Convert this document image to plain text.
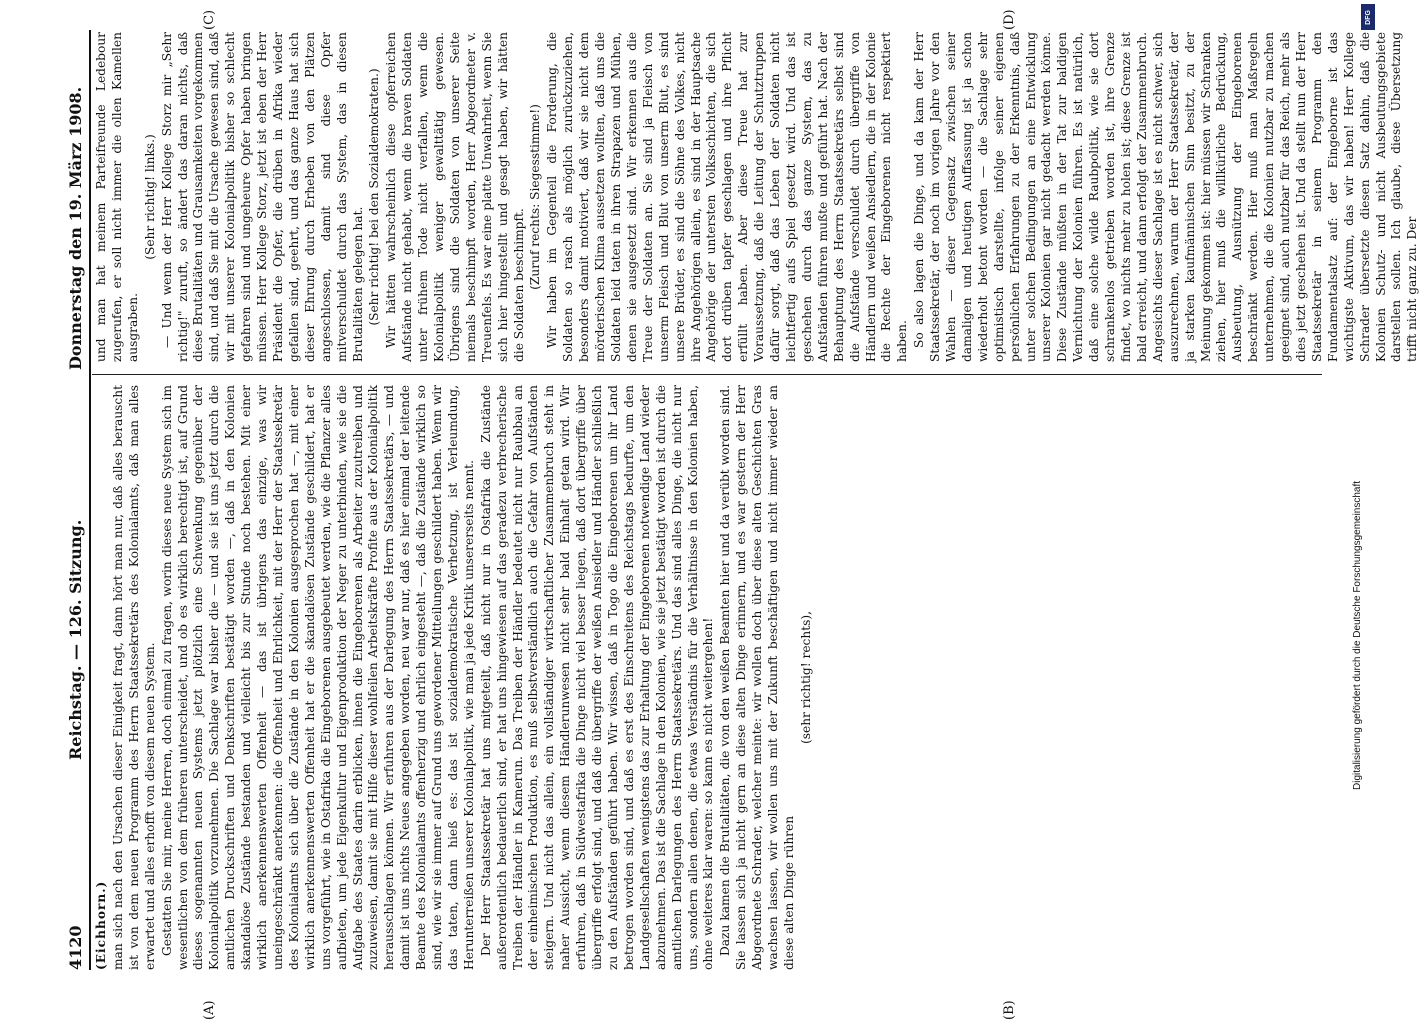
4120
Reichstag. — 126. Sitzung.
Donnerstag den 19. März 1908.

(Eichhorn.) man sich nach den Ursachen dieser Einigkeit fragt, dann hört man nur, daß alles berauscht ist von dem neuen Programm des Herrn Staatssekretärs des Kolonialamts, daß man alles erwartet und alles erhofft von diesem neuen System. Gestatten Sie mir, meine Herren, doch einmal zu fragen, worin dieses neue System sich im wesentlichen von dem früheren unterscheidet, und ob es wirklich berechtigt ist, auf Grund dieses sogenannten neuen Systems jetzt plötzlich eine Schwenkung gegenüber der Kolonialpolitik vorzunehmen. Die Sachlage war bisher die — und sie ist uns jetzt durch die amtlichen Druckschriften und Denkschriften bestätigt worden —, daß in den Kolonien skandalöse Zustände bestanden und vielleicht bis zur Stunde noch bestehen. Mit einer wirklich anerkennenswerten Offenheit — das ist übrigens das einzige, was wir uneingeschränkt anerkennen: die Offenheit und Ehrlichkeit, mit der Herr der Staatssekretär des Kolonialamts sich über die Zustände in den Kolonien ausgesprochen hat —, mit einer wirklich anerkennenswerten Offenheit hat er die skandalösen Zustände geschildert, hat er uns vorgeführt, wie in Ostafrika die Eingeborenen ausgebeutet werden, wie die Pflanzer alles aufbieten, um jede Eigenkultur und Eigenproduktion der Neger zu unterbinden, wie sie die Aufgabe des Staates darin erblicken, ihnen die Eingeborenen als Arbeiter zuzutreiben und zuzuweisen, damit sie mit Hilfe dieser wohlfeilen Arbeitskräfte Profite aus der Kolonialpolitik herausschlagen können. Wir erfuhren aus der Darlegung des Herrn Staatssekretärs, — und damit ist uns nichts Neues angegeben worden, neu war nur, daß es hier einmal der leitende Beamte des Kolonialamts offenherzig und ehrlich eingesteht —, daß die Zustände wirklich so sind, wie wir sie immer auf Grund uns gewordener Mitteilungen geschildert haben. Wenn wir das taten, dann hieß es: das ist sozialdemokratische Verhetzung, ist Verleumdung, Herunterreißen unserer Kolonialpolitik, wie man ja jede Kritik unsererseits nennt. Der Herr Staatssekretär hat uns mitgeteilt, daß nicht nur in Ostafrika die Zustände außerordentlich bedauerlich sind, er hat uns hingewiesen auf das geradezu verbrecherische Treiben der Händler in Kamerun. Das Treiben der Händler bedeutet nicht nur Raubbau an der einheimischen Produktion, es muß selbstverständlich auch die Gefahr von Aufständen steigern. Und nicht das allein, ein vollständiger wirtschaftlicher Zusammenbruch steht in naher Aussicht, wenn diesem Händlerunwesen nicht sehr bald Einhalt getan wird. Wir erfuhren, daß in Südwestafrika die Dinge nicht viel besser liegen, daß dort übergriffe über übergriffe erfolgt sind, und daß die übergriffe der weißen Ansiedler und Händler schließlich zu den Aufständen geführt haben. Wir wissen, daß in Togo die Eingeborenen um ihr Land betrogen worden sind, und daß es erst des Einschreitens des Reichstags bedurfte, um den Landgesellschaften wenigstens das zur Erhaltung der Eingeborenen notwendige Land wieder abzunehmen. Das ist die Sachlage in den Kolonien, wie sie jetzt bestätigt worden ist durch die amtlichen Darlegungen des Herrn Staatssekretärs. Und das sind alles Dinge, die nicht nur uns, sondern allen denen, die etwas Verständnis für die Verhältnisse in den Kolonien haben, ohne weiteres klar waren: so kann es nicht weitergehen! Dazu kamen die Brutalitäten, die von den weißen Beamten hier und da verübt worden sind. Sie lassen sich ja nicht gern an diese alten Dinge erinnern, und es war gestern der Herr Abgeordnete Schrader, welcher meinte: wir wollen doch über diese alten Geschichten Gras wachsen lassen, wir wollen uns mit der Zukunft beschäftigen und nicht immer wieder an diese alten Dinge rühren

(sehr richtig! rechts),

und man hat meinem Parteifreunde Ledebour zugerufen, er soll nicht immer die ollen Kamellen ausgraben.

(Sehr richtig! links.) — Und wenn der Herr Kollege Storz mir „Sehr richtig!" zuruft, so ändert das daran nichts, daß diese Brutalitäten und Grausamkeiten vorgekommen sind, und daß Sie mit die Ursache gewesen sind, daß wir mit unserer Kolonialpolitik bisher so schlecht gefahren sind und ungeheure Opfer haben bringen müssen. Herr Kollege Storz, jetzt ist eben der Herr Präsident die Opfer, die drüben in Afrika wieder gefallen sind, geehrt, und das ganze Haus hat sich dieser Ehrung durch Erheben von den Plätzen angeschlossen, damit sind diese Opfer mitverschuldet durch das System, das in diesen Brutalitäten gelegen hat. (Sehr richtig! bei den Sozialdemokraten.) Wir hätten wahrscheinlich diese opferreichen Aufstände nicht gehabt, wenn die braven Soldaten unter frühem Tode nicht verfallen, wenn die Kolonialpolitik weniger gewalttätig gewesen. Übrigens sind die Soldaten von unserer Seite niemals beschimpft worden, Herr Abgeordneter v. Treuenfels. Es war eine platte Unwahrheit, wenn Sie sich hier hingestellt und gesagt haben, wir hätten die Soldaten beschimpft. (Zuruf rechts: Siegesstimme!) Wir haben im Gegenteil die Forderung, die Soldaten so rasch als möglich zurückzuziehen, besonders damit motiviert, daß wir sie nicht dem mörderischen Klima aussetzen wollten, daß uns die Soldaten leid taten in ihren Strapazen und Mühen, denen sie ausgesetzt sind. Wir erkennen aus die Treue der Soldaten an. Sie sind ja Fleisch von unserm Fleisch und Blut von unserm Blut, es sind unsere Brüder, es sind die Söhne des Volkes, nicht ihre Angehörigen allein, es sind in der Hauptsache Angehörige der untersten Volksschichten, die sich dort drüben tapfer geschlagen und ihre Pflicht erfüllt haben. Aber diese Treue hat zur Voraussetzung, daß die Leitung der Schutztruppen dafür sorgt, daß das Leben der Soldaten nicht leichtfertig aufs Spiel gesetzt wird. Und das ist geschehen durch das ganze System, das zu Aufständen führen mußte und geführt hat. Nach der Behauptung des Herrn Staatssekretärs selbst sind die Aufstände verschuldet durch übergriffe von Händlern und weißen Ansiedlern, die in der Kolonie die Rechte der Eingeborenen nicht respektiert haben. So also lagen die Dinge, und da kam der Herr Staatssekretär, der noch im vorigen Jahre vor den Wahlen — dieser Gegensatz zwischen seiner damaligen und heutigen Auffassung ist ja schon wiederholt betont worden — die Sachlage sehr optimistisch darstellte, infolge seiner eigenen persönlichen Erfahrungen zu der Erkenntnis, daß unter solchen Bedingungen an eine Entwicklung unserer Kolonien gar nicht gedacht werden könne. Diese Zustände müßten in der Tat zur baldigen Vernichtung der Kolonien führen. Es ist natürlich, daß eine solche wilde Raubpolitik, wie sie dort schrankenlos getrieben worden ist, ihre Grenze findet, wo nichts mehr zu holen ist; diese Grenze ist bald erreicht, und dann erfolgt der Zusammenbruch. Angesichts dieser Sachlage ist es nicht schwer, sich auszurechnen, warum der Herr Staatssekretär, der ja starken kaufmännischen Sinn besitzt, zu der Meinung gekommen ist: hier müssen wir Schranken ziehen, hier muß die willkürliche Bedrückung, Ausbeutung, Ausnützung der Eingeborenen beschränkt werden. Hier muß man Maßregeln unternehmen, die die Kolonien nutzbar zu machen geeignet sind, auch nutzbar für das Reich, mehr als dies jetzt geschehen ist. Und da stellt nun der Herr Staatssekretär in seinem Programm den Fundamentalsatz auf: der Eingeborne ist das wichtigste Aktivum, das wir haben! Herr Kollege Schrader übersetzte diesen Satz dahin, daß die Kolonien Schutz- und nicht Ausbeutungsgebiete darstellen sollen. Ich glaube, diese Übersetzung trifft nicht ganz zu. Der

(A)	(B)
(C)	(D)	DFG
Digitalisierung gefördert durch die Deutsche Forschungsgemeinschaft
